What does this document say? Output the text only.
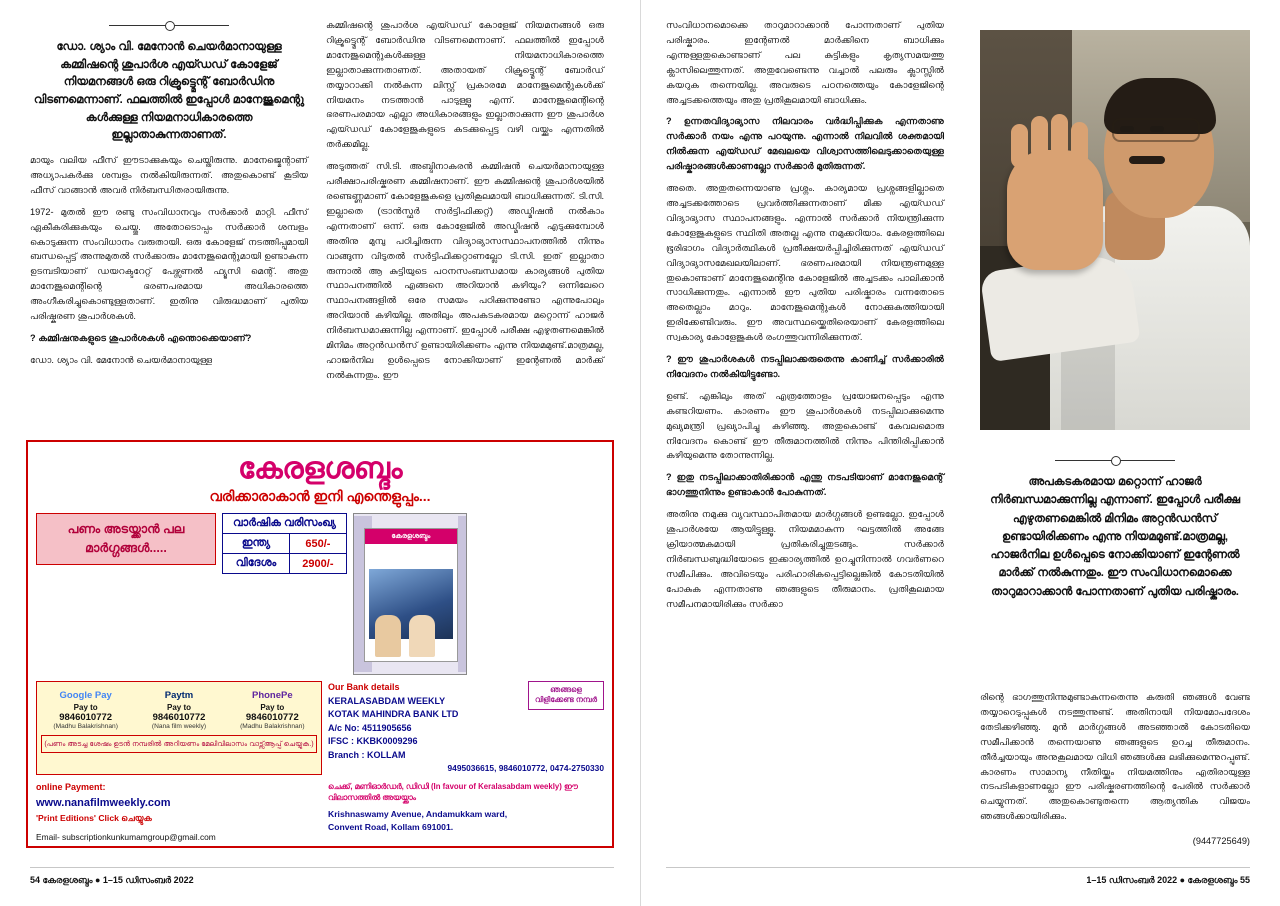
ഡോ. ശ്യാം വി. മേനോൻ ചെയർമാനായുള്ള കമ്മിഷന്റെ ശുപാർശ എയ്ഡഡ് കോളേജ് നിയമനങ്ങൾ ഒരു റിക്രൂട്ട്മെന്റ് ബോർഡിനു വിടണമെന്നാണ്. ഫലത്തിൽ ഇപ്പോൾ മാനേജുമെന്റു കൾക്കുള്ള നിയമനാധികാരത്തെ ഇല്ലാതാകുന്നതാണത്.

മായും വലിയ ഫീസ് ഈടാക്കുകയും ചെയ്തിരുന്നു. മാനേജ്മെന്റാണ് അധ്യാപകർക്കു ശമ്പളം നൽകിയിരുന്നത്. അതുകൊണ്ട് കൂടിയ ഫീസ് വാങ്ങാൻ അവർ നിർബന്ധിതരായിരുന്നു.

1972- മുതൽ ഈ രണ്ടു സംവിധാനവും സർക്കാർ മാറ്റി. ഫീസ് ഏകീകരിക്കുകയും ചെയ്തു. അതോടൊപ്പം സർക്കാർ ശമ്പളം കൊടുക്കുന്ന സംവിധാനം വരുതായി. ഒരു കോളേജ് നടത്തിപ്പുമായി ബന്ധപ്പെട്ട് അന്നുമുതൽ സർക്കാരും മാനേജുമെന്റുമായി ഉണ്ടാകുന്ന ഉടമ്പടിയാണ് ഡയറക്ടറേറ്റ് പേഴ്സണൽ ഫ്യൂസി മെന്റ്. അതു മാനേജുമെന്റിന്റെ ഭരണപരമായ അധികാരത്തെ അംഗീകരിച്ചുകൊണ്ടുള്ളതാണ്. ഇതിനു വിരുദ്ധമാണ് പുതിയ പരിഷ്കരണ ശുപാർശകൾ.

? കമ്മിഷനുകളുടെ ശുപാർശകൾ എന്തൊക്കെയാണ്?

ഡോ. ശ്യാം വി. മേനോൻ ചെയർമാനായുള്ള

കമ്മിഷന്റെ ശുപാർശ എയ്ഡഡ് കോളേജ് നിയമനങ്ങൾ ഒരു റിക്രൂട്ട്മെന്റ് ബോർഡിനു വിടണമെന്നാണ്. ഫലത്തിൽ ഇപ്പോൾ മാനേജുമെന്റുകൾക്കുള്ള നിയമനാധികാരത്തെ ഇല്ലാതാക്കുന്നതാണത്. അതായത് റിക്രൂട്ട്മെന്റ് ബോർഡ് തയ്യാറാക്കി നൽകുന്ന ലിസ്റ്റ് പ്രകാരമേ മാനേജുമെന്റുകൾക്ക് നിയമനം നടത്താൻ പാടുള്ളൂ എന്ന്. മാനേജുമെന്റിന്റെ ഭരണപരമായ എല്ലാ അധികാരങ്ങളും ഇല്ലാതാക്കുന്ന ഈ ശുപാർശ എയ്ഡഡ് കോളേജുകളുടെ കടക്കുപ്പെട്ട വഴി വയ്ക്കും എന്നതിൽ തർക്കമില്ല.

അടുത്തത് സി.ടി. അബ്ദിനാകരൻ കമ്മിഷൻ ചെയർമാനായുള്ള പരീക്ഷാപരിഷ്കരണ കമ്മിഷനാണ്. ഈ കമ്മിഷന്റെ ശുപാർശയിൽ രണ്ടെണ്ണമാണ് കോളേജുകളെ പ്രതികൂലമായി ബാധിക്കുന്നത്. ടി.സി. ഇല്ലാതെ (ട്രാൻസ്ഫർ സർട്ടിഫിക്കറ്റ്) അഡ്മിഷൻ നൽകാം എന്നതാണ് ഒന്ന്. ഒരു കോളേജിൽ അഡ്മിഷൻ എടുക്കുമ്പോൾ അതിനു മുമ്പു പഠിച്ചിരുന്ന വിദ്യാഭ്യാസസ്ഥാപനത്തിൽ നിന്നും വാങ്ങുന്ന വിടുതൽ സർട്ടിഫിക്കറ്റാണല്ലോ ടി.സി. ഇത് ഇല്ലാതാ രുന്നാൽ ആ കുട്ടിയുടെ പഠനസംബന്ധമായ കാര്യങ്ങൾ പുതിയ സ്ഥാപനത്തിൽ എങ്ങനെ അറിയാൻ കഴിയും? ഒന്നിലേറെ സ്ഥാപനങ്ങളിൽ ഒരേ സമയം പഠിക്കുന്നുണ്ടോ എന്നുപോലും അറിയാൻ കഴിയില്ല. അതിലും അപകടകരമായ മറ്റൊന്ന് ഹാജർ നിർബന്ധമാക്കുന്നില്ല എന്നാണ്. ഇപ്പോൾ പരീക്ഷ എഴുതണമെങ്കിൽ മിനിമം അറ്റൻഡൻസ് ഉണ്ടായിരിക്കണം എന്നു നിയമമുണ്ട്.മാത്രമല്ല, ഹാജർനില ഉൾപ്പെടെ നോക്കിയാണ് ഇന്റേണൽ മാർക്ക് നൽകുന്നതും. ഈ

കേരളശബ്ദം
വരിക്കാരാകാൻ ഇനി എന്തെളുപ്പം...
പണം അടയ്ക്കാൻ പല മാർഗ്ഗങ്ങൾ.....
വാർഷിക വരിസംഖ്യ	
ഇന്ത്യ	650/-
വിദേശം	2900/-
കേരളശബ്ദം
Google Pay
Pay to
9846010772
(Madhu Balakrishnan)
Paytm
Pay to
9846010772
(Nana film weekly)
PhonePe
Pay to
9846010772
(Madhu Balakrishnan)
(പണം അടച്ച ശേഷം ഉടൻ നമ്പരിൽ അറിയണം മേലിവിലാസം വാട്സ്ആപ്പ് ചെയ്യുക.)
ഞങ്ങളെ വിളിക്കേണ്ട നമ്പർ
Our Bank details
KERALASABDAM WEEKLY
KOTAK MAHINDRA BANK LTD
A/c No: 4511905656
IFSC : KKBK0009296
Branch : KOLLAM
9495036615, 9846010772, 0474-2750330
online Payment:
www.nanafilmweekly.com
'Print Editions' Click ചെയ്യുക
Email- subscriptionkunkumamgroup@gmail.com
ചെക്ക്, മണിഓർഡർ, ഡിഡി (In favour of Keralasabdam weekly) ഈ വിലാസത്തിൽ അയയ്ക്കാം
Krishnaswamy Avenue, Andamukkam ward,
Convent Road, Kollam 691001.
54 കേരളശബ്ദം ● 1–15 ഡിസംബർ 2022

സംവിധാനമൊക്കെ താറുമാറാക്കാൻ പോന്നതാണ് പുതിയ പരിഷ്കാരം. ഇന്റേണൽ മാർക്കിനെ ബാധിക്കും എന്നുള്ളതുകൊണ്ടാണ് പല കുട്ടികളും കൃത്യസമയത്തു ക്ലാസിലെത്തുന്നത്. അതുവേണ്ടെന്നു വച്ചാൽ പലരും ക്ലാസ്സിൽ കയറുക തന്നെയില്ല. അവരുടെ പഠനത്തെയും കോളേജിന്റെ അച്ചടക്കത്തെയും അതു പ്രതികൂലമായി ബാധിക്കും.

? ഉന്നതവിദ്യാഭ്യാസ നിലവാരം വർദ്ധിപ്പിക്കുക എന്നതാണു സർക്കാർ നയം എന്നു പറയുന്നു. എന്നാൽ നിലവിൽ ശക്തമായി നിൽക്കുന്ന എയ്ഡഡ് മേഖലയെ വിശ്വാസത്തിലെടുക്കാതെയുള്ള പരിഷ്കാരങ്ങൾക്കാണല്ലോ സർക്കാർ മുതിരുന്നത്.

അതെ. അതുതന്നെയാണു പ്രശ്നം. കാര്യമായ പ്രശ്നങ്ങളില്ലാതെ അച്ചടക്കത്തോടെ പ്രവർത്തിക്കുന്നതാണ് മിക്ക എയ്ഡഡ് വിദ്യാഭ്യാസ സ്ഥാപനങ്ങളും. എന്നാൽ സർക്കാർ നിയന്ത്രിക്കുന്ന കോളേജുകളുടെ സ്ഥിതി അതല്ല എന്നു നമുക്കറിയാം. കേരളത്തിലെ ഭൂരിഭാഗം വിദ്യാർത്ഥികൾ പ്രതീക്ഷയർപ്പിച്ചിരിക്കുന്നത് എയ്ഡഡ് വിദ്യാഭ്യാസമേഖലയിലാണ്. ഭരണപരമായി നിയന്ത്രണമുള്ള തുകൊണ്ടാണ് മാനേജുമെന്റിനു കോളേജിൽ അച്ചടക്കം പാലിക്കാൻ സാധിക്കുന്നതും. എന്നാൽ ഈ പുതിയ പരിഷ്കാരം വന്നതോടെ അതെല്ലാം മാറും. മാനേജുമെന്റുകൾ നോക്കുകുത്തിയായി ഇരിക്കേണ്ടിവരും. ഈ അവസ്ഥയ്ക്കെതിരെയാണ് കേരളത്തിലെ സ്വകാര്യ കോളേജുകൾ രംഗത്തുവന്നിരിക്കുന്നത്.

? ഈ ശുപാർശകൾ നടപ്പിലാക്കരുതെന്നു കാണിച്ച് സർക്കാരിൽ നിവേദനം നൽകിയിട്ടുണ്ടോ.

ഉണ്ട്. എങ്കിലും അത് എത്രത്തോളം പ്രയോജനപ്പെടും എന്നു കണ്ടറിയണം. കാരണം ഈ ശുപാർശകൾ നടപ്പിലാക്കുമെന്നു മുഖ്യമന്ത്രി പ്രഖ്യാപിച്ചു കഴിഞ്ഞു. അതുകൊണ്ട് കേവലമൊരു നിവേദനം കൊണ്ട് ഈ തീരുമാനത്തിൽ നിന്നും പിന്തിരിപ്പിക്കാൻ കഴിയുമെന്നു തോന്നുന്നില്ല.

? ഇതു നടപ്പിലാക്കാതിരിക്കാൻ എന്തു നടപടിയാണ് മാനേജുമെന്റ് ഭാഗത്തുനിന്നും ഉണ്ടാകാൻ പോകുന്നത്.

അതിനു നമുക്കു വ്യവസ്ഥാപിതമായ മാർഗ്ഗങ്ങൾ ഉണ്ടല്ലോ. ഇപ്പോൾ ശുപാർശയേ ആയിട്ടുള്ളൂ. നിയമമാകുന്ന ഘട്ടത്തിൽ അങ്ങേ ക്രിയാത്മകമായി പ്രതികരിച്ചുതുടങ്ങും. സർക്കാർ നിർബന്ധബുദ്ധിയോടെ ഇക്കാര്യത്തിൽ ഉറച്ചുനിന്നാൽ ഗവർണറെ സമീപിക്കും. അവിടെയും പരിഹാരികപ്പെട്ടില്ലെങ്കിൽ കോടതിയിൽ പോകുക എന്നതാണു ഞങ്ങളുടെ തീരുമാനം. പ്രതികൂലമായ സമീപനമായിരിക്കും സർക്കാ

അപകടകരമായ മറ്റൊന്ന് ഹാജർ നിർബന്ധമാക്കുന്നില്ല എന്നാണ്. ഇപ്പോൾ പരീക്ഷ എഴുതണമെങ്കിൽ മിനിമം അറ്റൻഡൻസ് ഉണ്ടായിരിക്കണം എന്നു നിയമമുണ്ട്.മാത്രമല്ല, ഹാജർനില ഉൾപ്പെടെ നോക്കിയാണ് ഇന്റേണൽ മാർക്ക് നൽകുന്നതും. ഈ സംവിധാനമൊക്കെ താറുമാറാക്കാൻ പോന്നതാണ് പുതിയ പരിഷ്കാരം.

രിന്റെ ഭാഗത്തുനിന്നുമുണ്ടാകുന്നതെന്നു കരുതി ഞങ്ങൾ വേണ്ട തയ്യാറെടുപ്പുകൾ നടത്തുന്നുണ്ട്. അതിനായി നിയമോപദേശം തേടിക്കഴിഞ്ഞു. മുൻ മാർഗ്ഗങ്ങൾ അടഞ്ഞാൽ കോടതിയെ സമീപിക്കാൻ തന്നെയാണു ഞങ്ങളുടെ ഉറച്ച തീരുമാനം. തീർച്ചയായും അനുകൂലമായ വിധി ഞങ്ങൾക്കു ലഭിക്കുമെന്നുറപ്പുണ്ട്. കാരണം സാമാന്യ നീതിയ്ക്കും നിയമത്തിനും എതിരായുള്ള നടപടികളാണല്ലോ ഈ പരിഷ്കരണത്തിന്റെ പേരിൽ സർക്കാർ ചെയ്യുന്നത്. അതുകൊണ്ടുതന്നെ ആത്യന്തിക വിജയം ഞങ്ങൾക്കായിരിക്കും.

(9447725649)
1–15 ഡിസംബർ 2022 ● കേരളശബ്ദം 55
